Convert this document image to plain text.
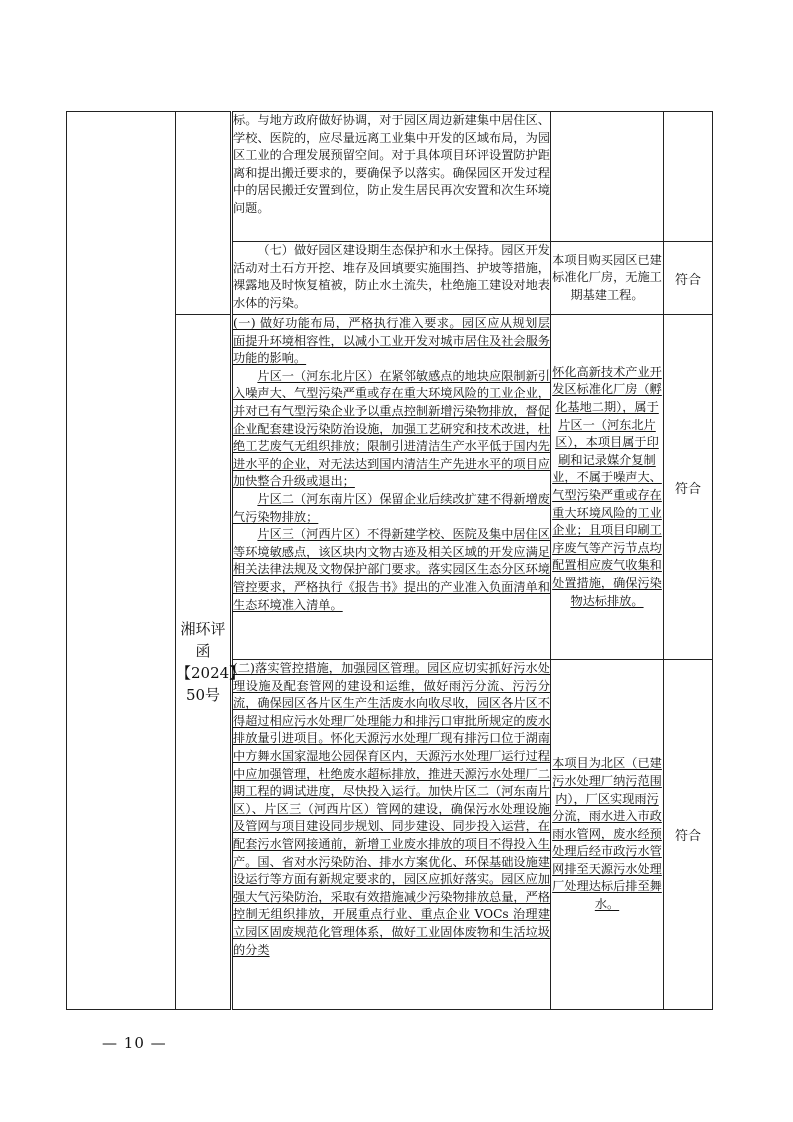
		标。与地方政府做好协调，对于园区周边新建集中居住区、学校、医院的，应尽量远离工业集中开发的区域布局，为园区工业的合理发展预留空间。对于具体项目环评设置防护距离和提出搬迁要求的，要确保予以落实。确保园区开发过程中的居民搬迁安置到位，防止发生居民再次安置和次生环境问题。		

		（七）做好园区建设期生态保护和水土保持。园区开发活动对土石方开挖、堆存及回填要实施围挡、护坡等措施，裸露地及时恢复植被，防止水土流失，杜绝施工建设对地表水体的污染。	本项目购买园区已建标准化厂房，无施工期基建工程。	符合
	湘环评函【2024】50号	(一) 做好功能布局，严格执行准入要求。园区应从规划层面提升环境相容性，以减小工业开发对城市居住及社会服务功能的影响。

片区一（河东北片区）在紧邻敏感点的地块应限制新引入噪声大、气型污染严重或存在重大环境风险的工业企业，并对已有气型污染企业予以重点控制新增污染物排放，督促企业配套建设污染防治设施，加强工艺研究和技术改进，杜绝工艺废气无组织排放；限制引进清洁生产水平低于国内先进水平的企业，对无法达到国内清洁生产先进水平的项目应加快整合升级或退出；

片区二（河东南片区）保留企业后续改扩建不得新增废气污染物排放；

片区三（河西片区）不得新建学校、医院及集中居住区等环境敏感点，该区块内文物古迹及相关区域的开发应满足相关法律法规及文物保护部门要求。落实园区生态分区环境管控要求，严格执行《报告书》提出的产业准入负面清单和生态环境准入清单。	怀化高新技术产业开发区标准化厂房（孵化基地二期），属于片区一（河东北片区），本项目属于印刷和记录媒介复制业，不属于噪声大、气型污染严重或存在重大环境风险的工业企业；且项目印刷工序废气等产污节点均配置相应废气收集和处置措施，确保污染物达标排放。	符合

		(二)落实管控措施，加强园区管理。园区应切实抓好污水处理设施及配套管网的建设和运维，做好雨污分流、污污分流，确保园区各片区生产生活废水向收尽收，园区各片区不得超过相应污水处理厂处理能力和排污口审批所规定的废水排放量引进项目。怀化天源污水处理厂现有排污口位于湖南中方舞水国家湿地公园保育区内，天源污水处理厂运行过程中应加强管理，杜绝废水超标排放，推进天源污水处理厂二期工程的调试进度，尽快投入运行。加快片区二（河东南片区）、片区三（河西片区）管网的建设，确保污水处理设施及管网与项目建设同步规划、同步建设、同步投入运营，在配套污水管网接通前，新增工业废水排放的项目不得投入生产。国、省对水污染防治、排水方案优化、环保基础设施建设运行等方面有新规定要求的，园区应抓好落实。园区应加强大气污染防治，采取有效措施减少污染物排放总量，严格控制无组织排放，开展重点行业、重点企业 VOCs 治理建立园区固废规范化管理体系，做好工业固体废物和生活垃圾的分类	本项目为北区（已建污水处理厂纳污范围内），厂区实现雨污分流，雨水进入市政雨水管网，废水经预处理后经市政污水管网排至天源污水处理厂处理达标后排至舞水。	符合
— 10 —
